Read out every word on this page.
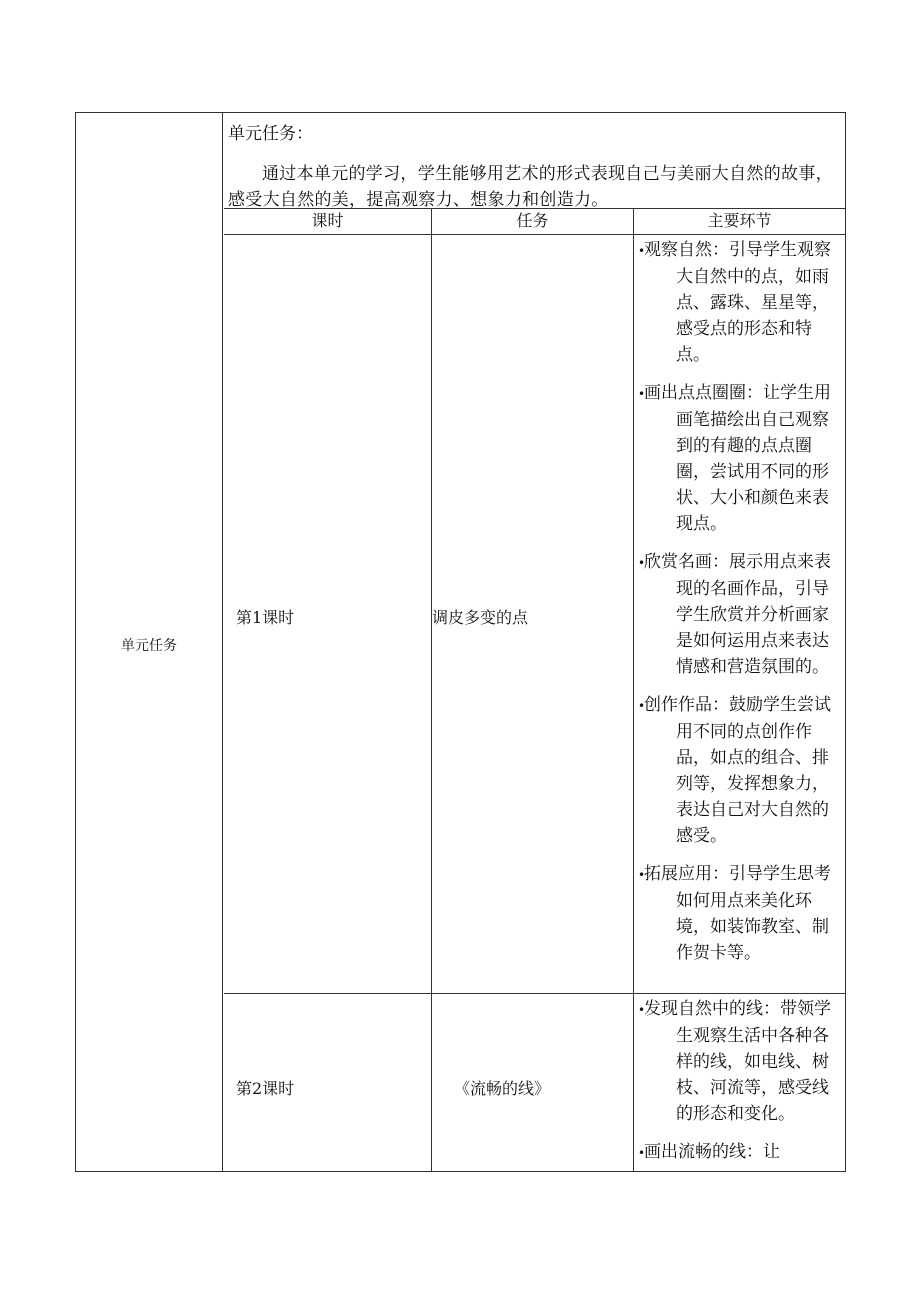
单元任务
单元任务：
通过本单元的学习，学生能够用艺术的形式表现自己与美丽大自然的故事，感受大自然的美，提高观察力、想象力和创造力。
课时	任务	主要环节
第1课时	调皮多变的点
•观察自然：引导学生观察大自然中的点，如雨点、露珠、星星等，感受点的形态和特点。
•画出点点圈圈：让学生用画笔描绘出自己观察到的有趣的点点圈圈，尝试用不同的形状、大小和颜色来表现点。
•欣赏名画：展示用点来表现的名画作品，引导学生欣赏并分析画家是如何运用点来表达情感和营造氛围的。
•创作作品：鼓励学生尝试用不同的点创作作品，如点的组合、排列等，发挥想象力，表达自己对大自然的感受。
•拓展应用：引导学生思考如何用点来美化环境，如装饰教室、制作贺卡等。
第2课时	《流畅的线》
•发现自然中的线：带领学生观察生活中各种各样的线，如电线、树枝、河流等，感受线的形态和变化。
•画出流畅的线：让
